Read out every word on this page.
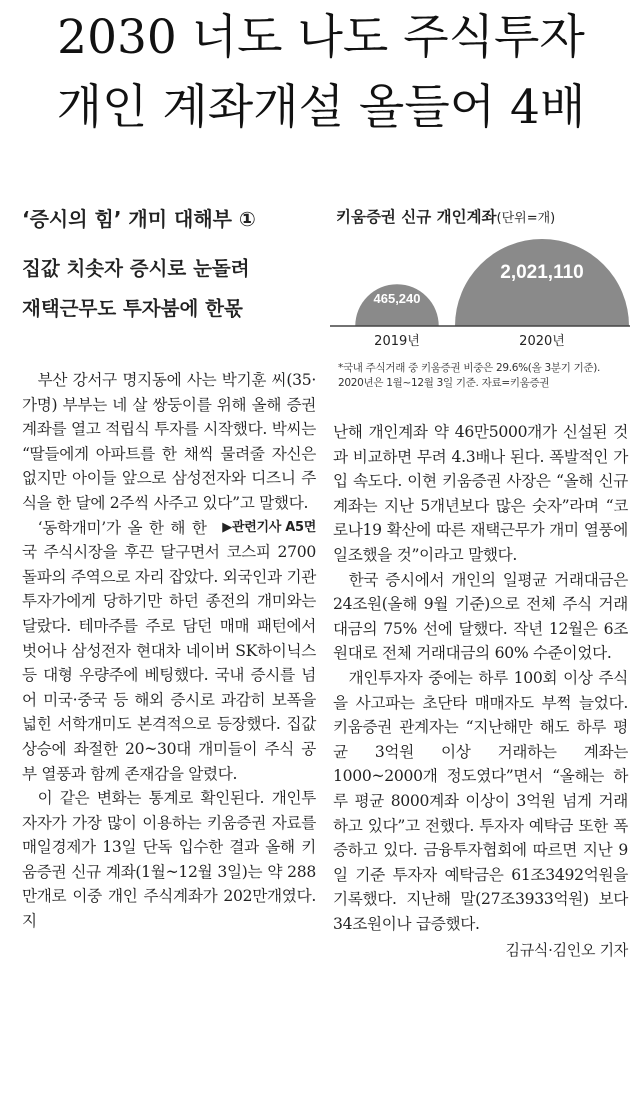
2030 너도 나도 주식투자
개인 계좌개설 올들어 4배
‘증시의 힘’ 개미 대해부 ①
집값 치솟자 증시로 눈돌려
재택근무도 투자붐에 한몫
키움증권 신규 개인계좌(단위=개)
465,240
2019년
2,021,110
2020년
*국내 주식거래 중 키움증권 비중은 29.6%(올 3분기 기준).
2020년은 1월~12월 3일 기준. 자료=키움증권

부산 강서구 명지동에 사는 박기훈 씨(35·가명) 부부는 네 살 쌍둥이를 위해 올해 증권 계좌를 열고 적립식 투자를 시작했다. 박씨는 “딸들에게 아파트를 한 채씩 물려줄 자신은 없지만 아이들 앞으로 삼성전자와 디즈니 주식을 한 달에 2주씩 사주고 있다”고 말했다.
▶관련기사 A5면

‘동학개미’가 올 한 해 한국 주식시장을 후끈 달구면서 코스피 2700 돌파의 주역으로 자리 잡았다. 외국인과 기관투자가에게 당하기만 하던 종전의 개미와는 달랐다. 테마주를 주로 담던 매매 패턴에서 벗어나 삼성전자 현대차 네이버 SK하이닉스 등 대형 우량주에 베팅했다. 국내 증시를 넘어 미국·중국 등 해외 증시로 과감히 보폭을 넓힌 서학개미도 본격적으로 등장했다. 집값 상승에 좌절한 20~30대 개미들이 주식 공부 열풍과 함께 존재감을 알렸다.

이 같은 변화는 통계로 확인된다. 개인투자자가 가장 많이 이용하는 키움증권 자료를 매일경제가 13일 단독 입수한 결과 올해 키움증권 신규 계좌(1월~12월 3일)는 약 288만개로 이중 개인 주식계좌가 202만개였다. 지

난해 개인계좌 약 46만5000개가 신설된 것과 비교하면 무려 4.3배나 된다. 폭발적인 가입 속도다. 이현 키움증권 사장은 “올해 신규 계좌는 지난 5개년보다 많은 숫자”라며 “코로나19 확산에 따른 재택근무가 개미 열풍에 일조했을 것”이라고 말했다.

한국 증시에서 개인의 일평균 거래대금은 24조원(올해 9월 기준)으로 전체 주식 거래대금의 75% 선에 달했다. 작년 12월은 6조원대로 전체 거래대금의 60% 수준이었다.

개인투자자 중에는 하루 100회 이상 주식을 사고파는 초단타 매매자도 부쩍 늘었다. 키움증권 관계자는 “지난해만 해도 하루 평균 3억원 이상 거래하는 계좌는 1000~2000개 정도였다”면서 “올해는 하루 평균 8000계좌 이상이 3억원 넘게 거래하고 있다”고 전했다. 투자자 예탁금 또한 폭증하고 있다. 금융투자협회에 따르면 지난 9일 기준 투자자 예탁금은 61조3492억원을 기록했다. 지난해 말(27조3933억원) 보다 34조원이나 급증했다.

김규식·김인오 기자
